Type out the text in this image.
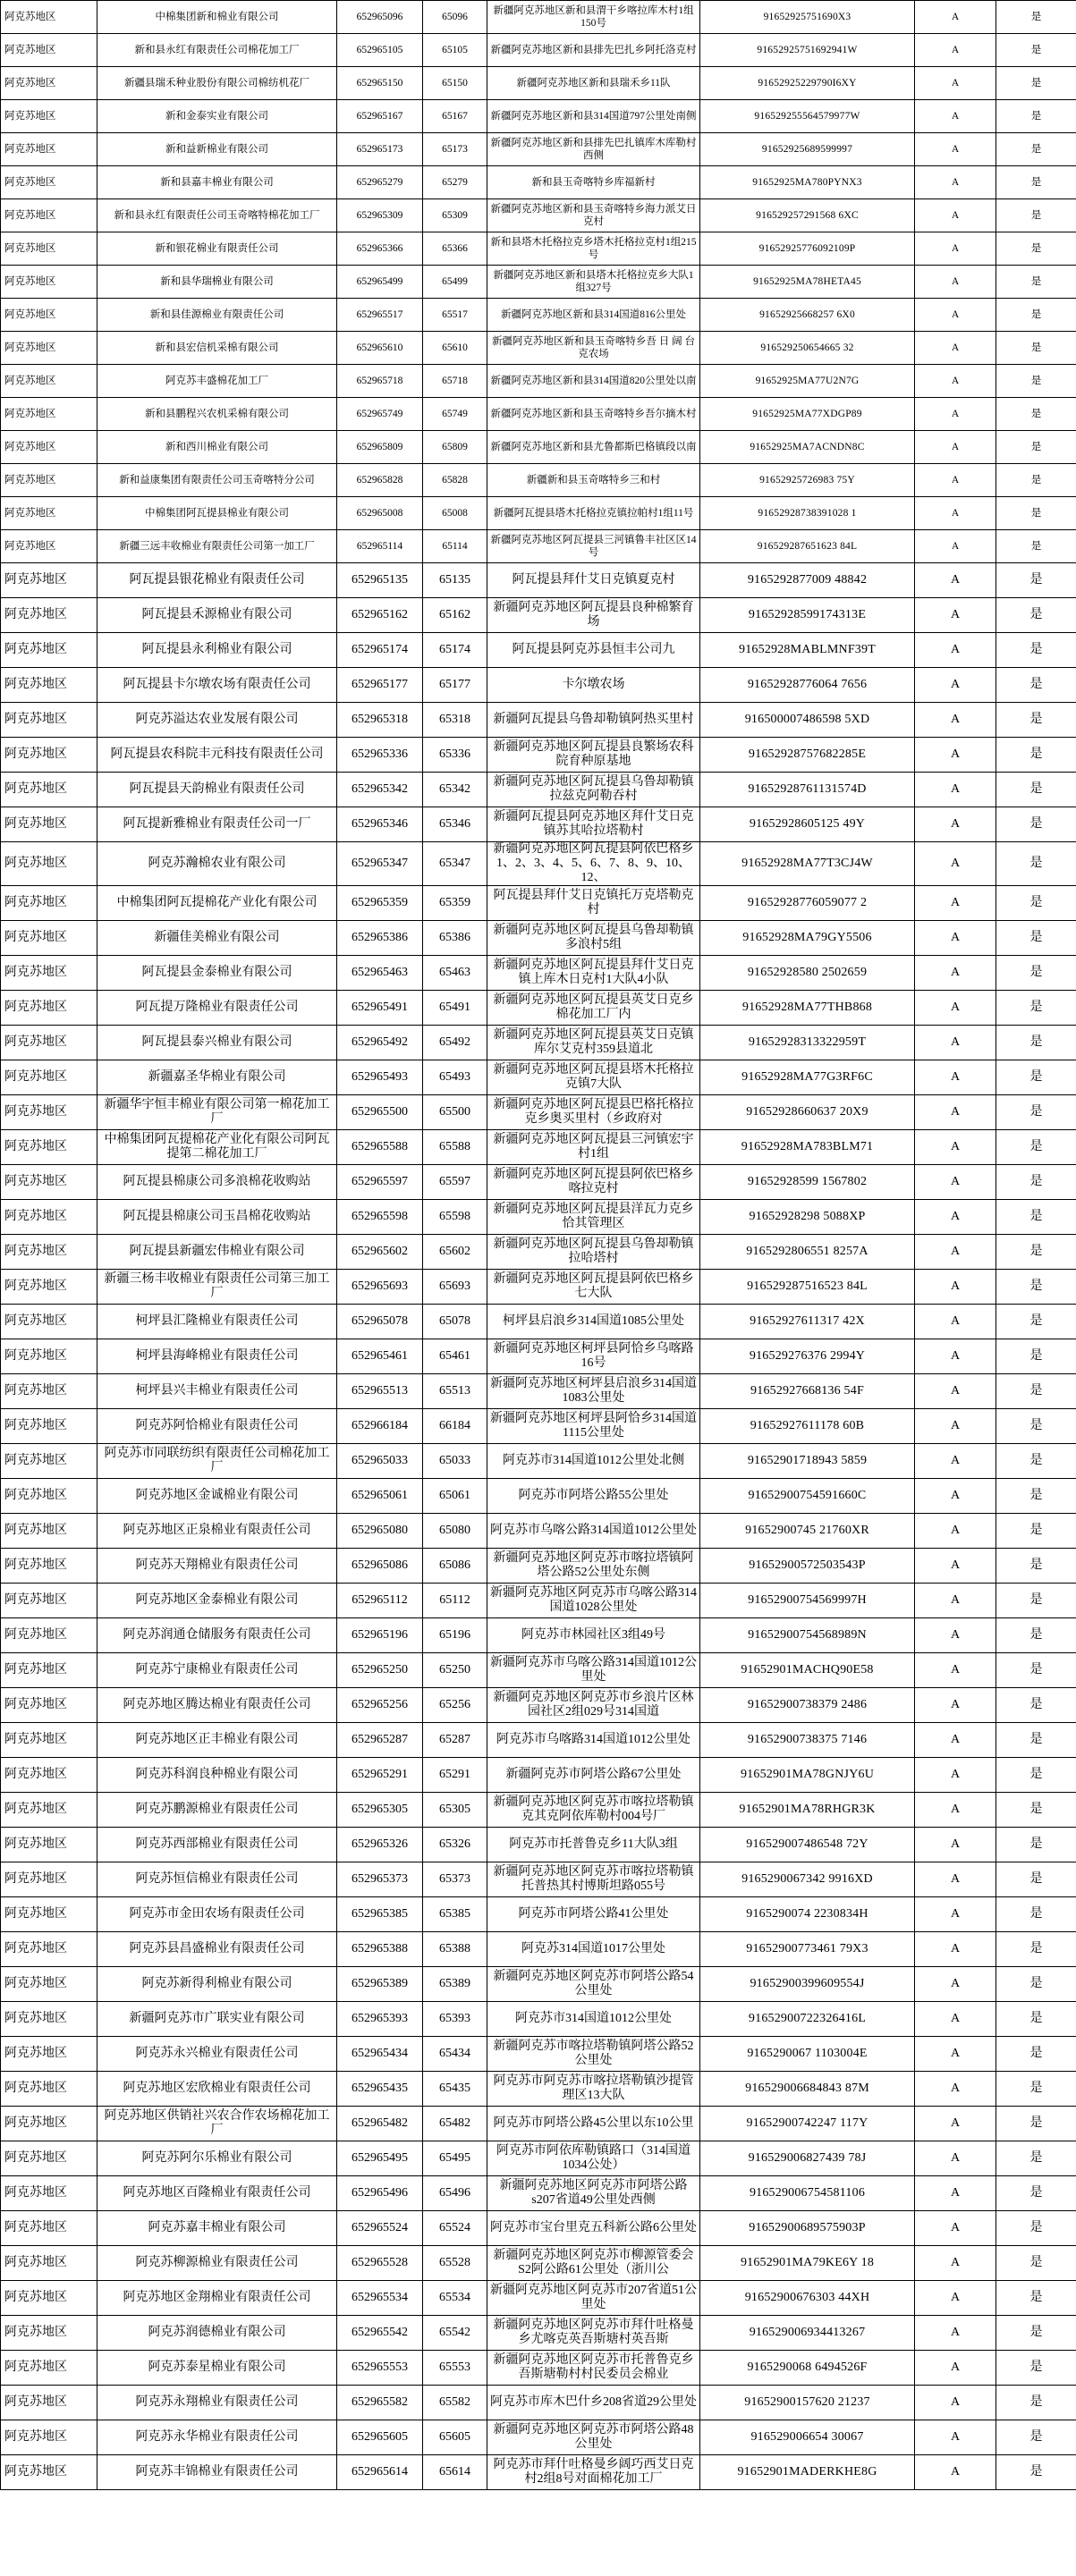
阿克苏地区	中棉集团新和棉业有限公司	652965096	65096	新疆阿克苏地区新和县渭干乡喀拉库木村1组150号	91652925751690X3	A	是
阿克苏地区	新和县永红有限责任公司棉花加工厂	652965105	65105	新疆阿克苏地区新和县排先巴扎乡阿托洛克村	91652925751692941W	A	是
阿克苏地区	新疆县瑞禾种业股份有限公司棉纺机花厂	652965150	65150	新疆阿克苏地区新和县瑞禾乡11队	91652925229790I6XY	A	是
阿克苏地区	新和金泰实业有限公司	652965167	65167	新疆阿克苏地区新和县314国道797公里处南侧	916529255564579977W	A	是
阿克苏地区	新和益新棉业有限公司	652965173	65173	新疆阿克苏地区新和县排先巴扎镇库木库勒村西侧	91652925689599997	A	是
阿克苏地区	新和县嘉丰棉业有限公司	652965279	65279	新和县玉奇喀特乡库福新村	91652925MA780PYNX3	A	是
阿克苏地区	新和县永红有限责任公司玉奇喀特棉花加工厂	652965309	65309	新疆阿克苏地区新和县玉奇喀特乡海力派艾日克村	916529257291568 6XC	A	是
阿克苏地区	新和银花棉业有限责任公司	652965366	65366	新和县塔木托格拉克乡塔木托格拉克村1组215号	91652925776092109P	A	是
阿克苏地区	新和县华瑞棉业有限公司	652965499	65499	新疆阿克苏地区新和县塔木托格拉克乡大队1组327号	91652925MA78HETA45	A	是
阿克苏地区	新和县佳源棉业有限责任公司	652965517	65517	新疆阿克苏地区新和县314国道816公里处	91652925668257 6X0	A	是
阿克苏地区	新和县宏信机采棉有限公司	652965610	65610	新疆阿克苏地区新和县玉奇喀特乡吾 日 阔 台克农场	916529250654665 32	A	是
阿克苏地区	阿克苏丰盛棉花加工厂	652965718	65718	新疆阿克苏地区新和县314国道820公里处以南	91652925MA77U2N7G	A	是
阿克苏地区	新和县鹏程兴农机采棉有限公司	652965749	65749	新疆阿克苏地区新和县玉奇喀特乡吾尔摘木村	91652925MA77XDGP89	A	是
阿克苏地区	新和西川棉业有限公司	652965809	65809	新疆阿克苏地区新和县尤鲁都斯巴格镇段以南	91652925MA7ACNDN8C	A	是
阿克苏地区	新和益康集团有限责任公司玉奇喀特分公司	652965828	65828	新疆新和县玉奇喀特乡三和村	91652925726983 75Y	A	是
阿克苏地区	中棉集团阿瓦提县棉业有限公司	652965008	65008	新疆阿瓦提县塔木托格拉克镇拉帕村1组11号	91652928738391028 1	A	是
阿克苏地区	新疆三远丰收棉业有限责任公司第一加工厂	652965114	65114	新疆阿克苏地区阿瓦提县三河镇鲁丰社区区14号	916529287651623 84L	A	是
阿克苏地区	阿瓦提县银花棉业有限责任公司	652965135	65135	阿瓦提县拜什艾日克镇夏克村	9165292877009 48842	A	是
阿克苏地区	阿瓦提县禾源棉业有限公司	652965162	65162	新疆阿克苏地区阿瓦提县良种棉繁育场	91652928599174313E	A	是
阿克苏地区	阿瓦提县永利棉业有限公司	652965174	65174	阿瓦提县阿克苏县恒丰公司九	91652928MABLMNF39T	A	是
阿克苏地区	阿瓦提县卡尔墩农场有限责任公司	652965177	65177	卡尔墩农场	91652928776064 7656	A	是
阿克苏地区	阿克苏溢达农业发展有限公司	652965318	65318	新疆阿瓦提县乌鲁却勒镇阿热买里村	916500007486598 5XD	A	是
阿克苏地区	阿瓦提县农科院丰元科技有限责任公司	652965336	65336	新疆阿克苏地区阿瓦提县良繁场农科院育种原基地	91652928757682285E	A	是
阿克苏地区	阿瓦提县天韵棉业有限责任公司	652965342	65342	新疆阿克苏地区阿瓦提县乌鲁却勒镇拉兹克阿勒吞村	91652928761131574D	A	是
阿克苏地区	阿瓦提新雅棉业有限责任公司一厂	652965346	65346	新疆阿瓦提县阿克苏地区拜什艾日克镇苏其哈拉塔勒村	91652928605125 49Y	A	是
阿克苏地区	阿克苏瀚棉农业有限公司	652965347	65347	新疆阿克苏地区阿瓦提县阿依巴格乡1、2、3、4、5、6、7、8、9、10、12、	91652928MA77T3CJ4W	A	是
阿克苏地区	中棉集团阿瓦提棉花产业化有限公司	652965359	65359	阿瓦提县拜什艾日克镇托万克塔勒克村	91652928776059077 2	A	是
阿克苏地区	新疆佳美棉业有限公司	652965386	65386	新疆阿克苏地区阿瓦提县乌鲁却勒镇多浪村5组	91652928MA79GY5506	A	是
阿克苏地区	阿瓦提县金泰棉业有限公司	652965463	65463	新疆阿克苏地区阿瓦提县拜什艾日克镇上库木日克村1大队4小队	91652928580 2502659	A	是
阿克苏地区	阿瓦提万隆棉业有限责任公司	652965491	65491	新疆阿克苏地区阿瓦提县英艾日克乡棉花加工厂内	91652928MA77THB868	A	是
阿克苏地区	阿瓦提县泰兴棉业有限公司	652965492	65492	新疆阿克苏地区阿瓦提县英艾日克镇库尔艾克村359县道北	91652928313322959T	A	是
阿克苏地区	新疆嘉圣华棉业有限公司	652965493	65493	新疆阿克苏地区阿瓦提县塔木托格拉克镇7大队	91652928MA77G3RF6C	A	是
阿克苏地区	新疆华宇恒丰棉业有限公司第一棉花加工厂	652965500	65500	新疆阿克苏地区阿瓦提县巴格托格拉克乡奥买里村（乡政府对	91652928660637 20X9	A	是
阿克苏地区	中棉集团阿瓦提棉花产业化有限公司阿瓦提第二棉花加工厂	652965588	65588	新疆阿克苏地区阿瓦提县三河镇宏宇村1组	91652928MA783BLM71	A	是
阿克苏地区	阿瓦提县棉康公司多浪棉花收购站	652965597	65597	新疆阿克苏地区阿瓦提县阿依巴格乡喀拉克村	91652928599 1567802	A	是
阿克苏地区	阿瓦提县棉康公司玉昌棉花收购站	652965598	65598	新疆阿克苏地区阿瓦提县洋瓦力克乡恰其管理区	91652928298 5088XP	A	是
阿克苏地区	阿瓦提县新疆宏伟棉业有限公司	652965602	65602	新疆阿克苏地区阿瓦提县乌鲁却勒镇拉哈塔村	9165292806551 8257A	A	是
阿克苏地区	新疆三杨丰收棉业有限责任公司第三加工厂	652965693	65693	新疆阿克苏地区阿瓦提县阿依巴格乡七大队	916529287516523 84L	A	是
阿克苏地区	柯坪县汇隆棉业有限责任公司	652965078	65078	柯坪县启浪乡314国道1085公里处	91652927611317 42X	A	是
阿克苏地区	柯坪县海峰棉业有限责任公司	652965461	65461	新疆阿克苏地区柯坪县阿恰乡乌喀路16号	916529276376 2994Y	A	是
阿克苏地区	柯坪县兴丰棉业有限责任公司	652965513	65513	新疆阿克苏地区柯坪县启浪乡314国道1083公里处	91652927668136 54F	A	是
阿克苏地区	阿克苏阿恰棉业有限责任公司	652966184	66184	新疆阿克苏地区柯坪县阿恰乡314国道1115公里处	91652927611178 60B	A	是
阿克苏地区	阿克苏市同联纺织有限责任公司棉花加工厂	652965033	65033	阿克苏市314国道1012公里处北侧	91652901718943 5859	A	是
阿克苏地区	阿克苏地区金诚棉业有限公司	652965061	65061	阿克苏市阿塔公路55公里处	91652900754591660C	A	是
阿克苏地区	阿克苏地区正泉棉业有限责任公司	652965080	65080	阿克苏市乌喀公路314国道1012公里处	91652900745 21760XR	A	是
阿克苏地区	阿克苏天翔棉业有限责任公司	652965086	65086	新疆阿克苏地区阿克苏市喀拉塔镇阿塔公路52公里处东侧	91652900572503543P	A	是
阿克苏地区	阿克苏地区金泰棉业有限公司	652965112	65112	新疆阿克苏地区阿克苏市乌喀公路314国道1028公里处	91652900754569997H	A	是
阿克苏地区	阿克苏润通仓储服务有限责任公司	652965196	65196	阿克苏市林园社区3组49号	91652900754568989N	A	是
阿克苏地区	阿克苏宁康棉业有限责任公司	652965250	65250	新疆阿克苏市乌喀公路314国道1012公里处	91652901MACHQ90E58	A	是
阿克苏地区	阿克苏地区腾达棉业有限责任公司	652965256	65256	新疆阿克苏地区阿克苏市乡浪片区林园社区2组029号314国道	91652900738379 2486	A	是
阿克苏地区	阿克苏地区正丰棉业有限公司	652965287	65287	阿克苏市乌喀路314国道1012公里处	91652900738375 7146	A	是
阿克苏地区	阿克苏科润良种棉业有限公司	652965291	65291	新疆阿克苏市阿塔公路67公里处	91652901MA78GNJY6U	A	是
阿克苏地区	阿克苏鹏源棉业有限责任公司	652965305	65305	新疆阿克苏地区阿克苏市喀拉塔勒镇克其克阿依库勒村004号厂	91652901MA78RHGR3K	A	是
阿克苏地区	阿克苏西部棉业有限责任公司	652965326	65326	阿克苏市托普鲁克乡11大队3组	916529007486548 72Y	A	是
阿克苏地区	阿克苏恒信棉业有限责任公司	652965373	65373	新疆阿克苏地区阿克苏市喀拉塔勒镇托普热其村博斯坦路055号	9165290067342 9916XD	A	是
阿克苏地区	阿克苏市金田农场有限责任公司	652965385	65385	阿克苏市阿塔公路41公里处	9165290074 2230834H	A	是
阿克苏地区	阿克苏县昌盛棉业有限责任公司	652965388	65388	阿克苏314国道1017公里处	91652900773461 79X3	A	是
阿克苏地区	阿克苏新得利棉业有限公司	652965389	65389	新疆阿克苏地区阿克苏市阿塔公路54公里处	91652900399609554J	A	是
阿克苏地区	新疆阿克苏市广联实业有限公司	652965393	65393	阿克苏市314国道1012公里处	91652900722326416L	A	是
阿克苏地区	阿克苏永兴棉业有限责任公司	652965434	65434	新疆阿克苏市喀拉塔勒镇阿塔公路52公里处	9165290067 1103004E	A	是
阿克苏地区	阿克苏地区宏欣棉业有限责任公司	652965435	65435	阿克苏市阿克苏市喀拉塔勒镇沙提管理区13大队	916529006684843 87M	A	是
阿克苏地区	阿克苏地区供销社兴农合作农场棉花加工厂	652965482	65482	阿克苏市阿塔公路45公里以东10公里	91652900742247 117Y	A	是
阿克苏地区	阿克苏阿尔乐棉业有限公司	652965495	65495	阿克苏市阿依库勒镇路口（314国道1034公处）	916529006827439 78J	A	是
阿克苏地区	阿克苏地区百隆棉业有限责任公司	652965496	65496	新疆阿克苏地区阿克苏市阿塔公路s207省道49公里处西侧	916529006754581106	A	是
阿克苏地区	阿克苏嘉丰棉业有限公司	652965524	65524	阿克苏市宝台里克五科新公路6公里处	91652900689575903P	A	是
阿克苏地区	阿克苏柳源棉业有限责任公司	652965528	65528	新疆阿克苏地区阿克苏市柳源管委会S2阿公路61公里处（浙川公	91652901MA79KE6Y 18	A	是
阿克苏地区	阿克苏地区金翔棉业有限责任公司	652965534	65534	新疆阿克苏地区阿克苏市207省道51公里处	91652900676303 44XH	A	是
阿克苏地区	阿克苏润德棉业有限公司	652965542	65542	新疆阿克苏地区阿克苏市拜什吐格曼乡尤喀克英吾斯塘村英吾斯	916529006934413267	A	是
阿克苏地区	阿克苏泰星棉业有限公司	652965553	65553	新疆阿克苏地区阿克苏市托普鲁克乡吾斯塘勒村村民委员会棉业	9165290068 6494526F	A	是
阿克苏地区	阿克苏永翔棉业有限责任公司	652965582	65582	阿克苏市库木巴什乡208省道29公里处	91652900157620 21237	A	是
阿克苏地区	阿克苏永华棉业有限责任公司	652965605	65605	新疆阿克苏地区阿克苏市阿塔公路48公里处	916529006654 30067	A	是
阿克苏地区	阿克苏丰锦棉业有限责任公司	652965614	65614	阿克苏市拜什吐格曼乡阔巧西艾日克村2组8号对面棉花加工厂	91652901MADERKHE8G	A	是
